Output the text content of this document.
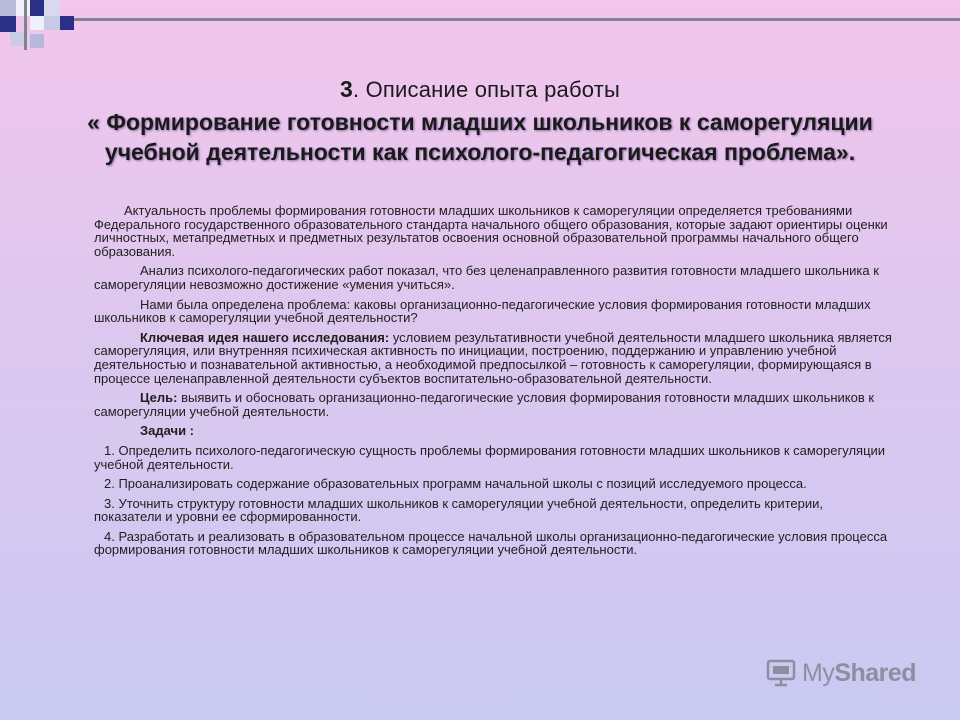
3. Описание опыта работы
« Формирование готовности младших школьников к саморегуляции
учебной деятельности как психолого-педагогическая проблема».

Актуальность проблемы формирования готовности младших школьников к саморегуляции определяется требованиями Федерального государственного образовательного стандарта начального общего образования, которые задают ориентиры оценки личностных, метапредметных и предметных результатов освоения основной образовательной программы начального общего образования.

Анализ психолого-педагогических работ показал, что без целенаправленного развития готовности младшего школьника к саморегуляции невозможно достижение «умения учиться».

Нами была определена проблема: каковы организационно-педагогические условия формирования готовности младших школьников к саморегуляции учебной деятельности?

Ключевая идея нашего исследования: условием результативности учебной деятельности младшего школьника является саморегуляция, или внутренняя психическая активность по инициации, построению, поддержанию и управлению учебной деятельностью и познавательной активностью, а необходимой предпосылкой – готовность к саморегуляции, формирующаяся в процессе целенаправленной деятельности субъектов воспитательно-образовательной деятельности.

Цель: выявить и обосновать организационно-педагогические условия формирования готовности младших школьников к саморегуляции учебной деятельности.

Задачи :

1. Определить психолого-педагогическую сущность проблемы формирования готовности младших школьников к саморегуляции учебной деятельности.

2. Проанализировать содержание образовательных программ начальной школы с позиций исследуемого процесса.

3. Уточнить структуру готовности младших школьников к саморегуляции учебной деятельности, определить критерии, показатели и уровни ее сформированности.

4. Разработать и реализовать в образовательном процессе начальной школы организационно-педагогические условия процесса формирования готовности младших школьников к саморегуляции учебной деятельности.

MyShared
